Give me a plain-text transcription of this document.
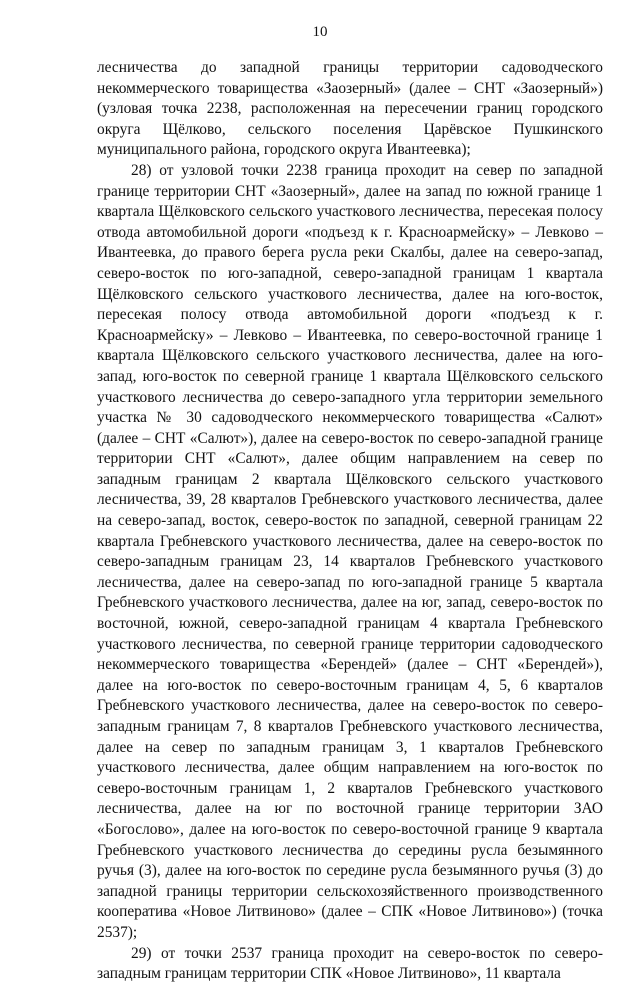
10

лесничества до западной границы территории садоводческого некоммерческого товарищества «Заозерный» (далее – СНТ «Заозерный») (узловая точка 2238, расположенная на пересечении границ городского округа Щёлково, сельского поселения Царёвское Пушкинского муниципального района, городского округа Ивантеевка);

28) от узловой точки 2238 граница проходит на север по западной границе территории СНТ «Заозерный», далее на запад по южной границе 1 квартала Щёлковского сельского участкового лесничества, пересекая полосу отвода автомобильной дороги «подъезд к г. Красноармейску» – Левково – Ивантеевка, до правого берега русла реки Скалбы, далее на северо-запад, северо-восток по юго-западной, северо-западной границам 1 квартала Щёлковского сельского участкового лесничества, далее на юго-восток, пересекая полосу отвода автомобильной дороги «подъезд к г. Красноармейску» – Левково – Ивантеевка, по северо-восточной границе 1 квартала Щёлковского сельского участкового лесничества, далее на юго-запад, юго-восток по северной границе 1 квартала Щёлковского сельского участкового лесничества до северо-западного угла территории земельного участка № 30 садоводческого некоммерческого товарищества «Салют» (далее – СНТ «Салют»), далее на северо-восток по северо-западной границе территории СНТ «Салют», далее общим направлением на север по западным границам 2 квартала Щёлковского сельского участкового лесничества, 39, 28 кварталов Гребневского участкового лесничества, далее на северо-запад, восток, северо-восток по западной, северной границам 22 квартала Гребневского участкового лесничества, далее на северо-восток по северо-западным границам 23, 14 кварталов Гребневского участкового лесничества, далее на северо-запад по юго-западной границе 5 квартала Гребневского участкового лесничества, далее на юг, запад, северо-восток по восточной, южной, северо-западной границам 4 квартала Гребневского участкового лесничества, по северной границе территории садоводческого некоммерческого товарищества «Берендей» (далее – СНТ «Берендей»), далее на юго-восток по северо-восточным границам 4, 5, 6 кварталов Гребневского участкового лесничества, далее на северо-восток по северо-западным границам 7, 8 кварталов Гребневского участкового лесничества, далее на север по западным границам 3, 1 кварталов Гребневского участкового лесничества, далее общим направлением на юго-восток по северо-восточным границам 1, 2 кварталов Гребневского участкового лесничества, далее на юг по восточной границе территории ЗАО «Богослово», далее на юго-восток по северо-восточной границе 9 квартала Гребневского участкового лесничества до середины русла безымянного ручья (3), далее на юго-восток по середине русла безымянного ручья (3) до западной границы территории сельскохозяйственного производственного кооператива «Новое Литвиново» (далее – СПК «Новое Литвиново») (точка 2537);

29) от точки 2537 граница проходит на северо-восток по северо-западным границам территории СПК «Новое Литвиново», 11 квартала
